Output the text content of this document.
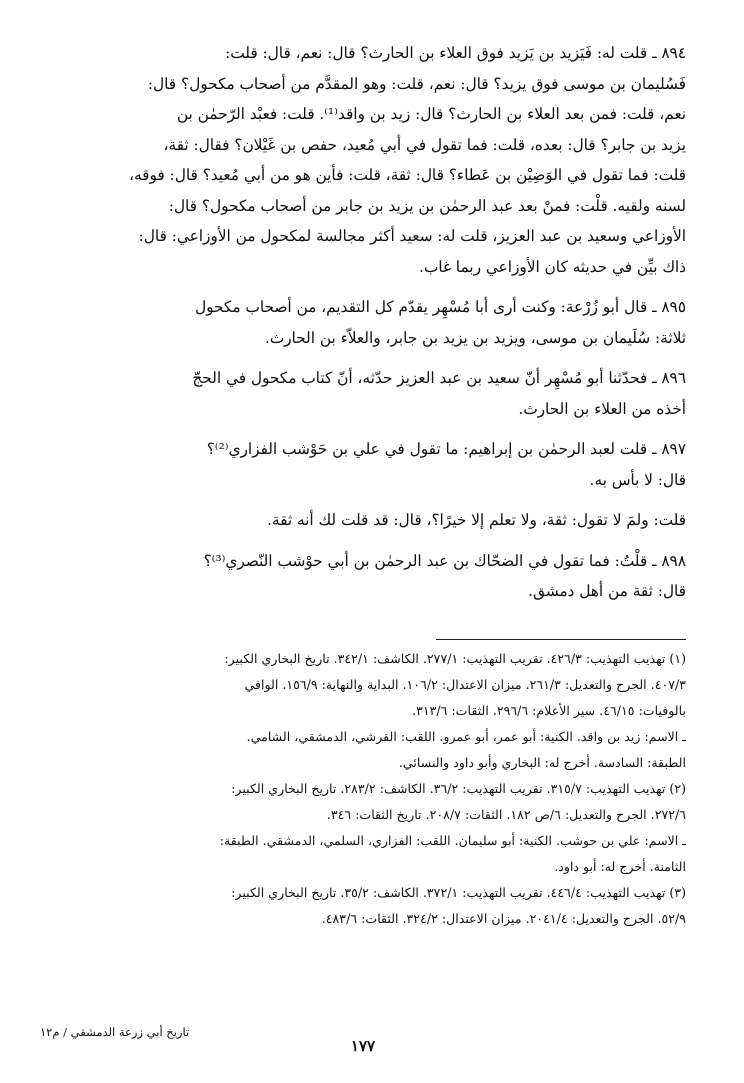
٨٩٤ ـ قلت له: فَيَزيد بن يَزيد فوق العلاء بن الحارث؟ قال: نعم، قال: قلت:

فَسُليمان بن موسى فوق يزيد؟ قال: نعم، قلت: وهو المقدَّم من أصحاب مكحول؟ قال:

نعم، قلت: فمن بعد العلاء بن الحارث؟ قال: زيد بن واقد⁽¹⁾. قلت: فعبْد الرّحمٰن بن

يزيد بن جابر؟ قال: بعده، قلت: فما تقول في أبي مُعيد، حفص بن غَيْلان؟ فقال: ثقة،

قلت: فما تقول في الوَضِيْن بن عَطاء؟ قال: ثقة، قلت: فأين هو من أبي مُعيد؟ قال: فوقه،

لسنه ولقيه. قلْت: فمنْ بعد عبد الرحمٰن بن يزيد بن جابر من أصحاب مكحول؟ قال:

الأوزاعي وسعيد بن عبد العزيز، قلت له: سعيد أكثر مجالسة لمكحول من الأوزاعي: قال:

ذاك بيِّن في حديثه كان الأوزاعي ربما غاب.

٨٩٥ ـ قال أبو زُرْعة: وكنت أرى أبا مُسْهِر يقدّم كل التقديم، من أصحاب مكحول

ثلاثة: سُلَيمان بن موسى، ويزيد بن يزيد بن جابر، والعلاّء بن الحارث.

٨٩٦ ـ فحدّثنا أبو مُسْهِر أنّ سعيد بن عبد العزيز حدّثه، أنّ كتاب مكحول في الحجّ

أخذه من العلاء بن الحارث.

٨٩٧ ـ قلت لعبد الرحمٰن بن إبراهيم: ما تقول في علي بن حَوْشب الفزاري⁽²⁾؟

قال: لا بأس به.

قلت: ولمَ لا تقول: ثقة، ولا تعلم إلا خيرًا؟، قال: قد قلت لك أنه ثقة.

٨٩٨ ـ قلْتُ: فما تقول في الضحّاك بن عبد الرحمٰن بن أبي حوْشب النّصري⁽³⁾؟

قال: ثقة من أهل دمشق.

(١) تهذيب التهذيب: ٤٢٦/٣. تقريب التهذيب: ٢٧٧/١. الكاشف: ٣٤٢/١. تاريخ البخاري الكبير:

٤٠٧/٣. الجرح والتعديل: ٢٦١/٣. ميزان الاعتدال: ١٠٦/٢. البداية والنهاية: ١٥٦/٩. الوافي

بالوفيات: ٤٦/١٥. سير الأعلام: ٢٩٦/٦. الثقات: ٣١٣/٦.

ـ الاسم: زيد بن واقد. الكنية: أبو عمر، أبو عمرو. اللقب: القرشي، الدمشقي، الشامي.

الطبقة: السادسة. أخرج له: البخاري وأبو داود والنسائي.

(٢) تهذيب التهذيب: ٣١٥/٧. تقريب التهذيب: ٣٦/٢. الكاشف: ٢٨٣/٢. تاريخ البخاري الكبير:

٢٧٢/٦. الجرح والتعديل: ٦/ص ١٨٢. الثقات: ٢٠٨/٧. تاريخ الثقات: ٣٤٦.

ـ الاسم: علي بن حوشب. الكنية: أبو سليمان. اللقب: الفزاري، السلمي، الدمشقي. الطبقة:

الثامنة. أخرج له: أبو داود.

(٣) تهذيب التهذيب: ٤٤٦/٤. تقريب التهذيب: ٣٧٢/١. الكاشف: ٣٥/٢. تاريخ البخاري الكبير:

٥٢/٩. الجرح والتعديل: ٢٠٤١/٤. ميزان الاعتدال: ٣٢٤/٢. الثقات: ٤٨٣/٦.

تاريخ أبي زرعة الدمشقي / م١٢
١٧٧
